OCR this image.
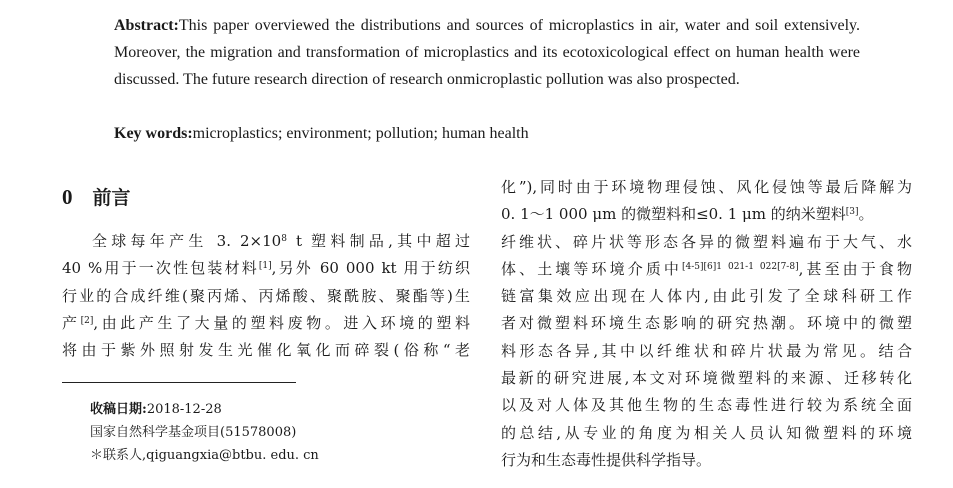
Abstract:This paper overviewed the distributions and sources of microplastics in air, water and soil extensively. Moreover, the migration and transformation of microplastics and its ecotoxicological effect on human health were discussed. The future research direction of research onmicroplastic pollution was also prospected.
Key words:microplastics; environment; pollution; human health
0 前言
全球每年产生 3. $2\times 10^8$ t 塑料制品,其中超过
40 %用于一次性包装材料[1],另外 60 000 kt 用于纺织
行业的合成纤维(聚丙烯、丙烯酸、聚酰胺、聚酯等)生
产[2],由此产生了大量的塑料废物。进入环境的塑料
将由于紫外照射发生光催化氧化而碎裂(俗称“老
收稿日期:2018-12-28
国家自然科学基金项目(51578008)
＊联系人,qiguangxia@btbu. edu. cn
化”),同时由于环境物理侵蚀、风化侵蚀等最后降解为
0. 1～1 000 μm 的微塑料和≤0. 1 μm 的纳米塑料[3]。
纤维状、碎片状等形态各异的微塑料遍布于大气、水
体、土壤等环境介质中[4-5][6]1 021-1 022[7-8],甚至由于食物
链富集效应出现在人体内,由此引发了全球科研工作
者对微塑料环境生态影响的研究热潮。环境中的微塑
料形态各异,其中以纤维状和碎片状最为常见。结合
最新的研究进展,本文对环境微塑料的来源、迁移转化
以及对人体及其他生物的生态毒性进行较为系统全面
的总结,从专业的角度为相关人员认知微塑料的环境
行为和生态毒性提供科学指导。
